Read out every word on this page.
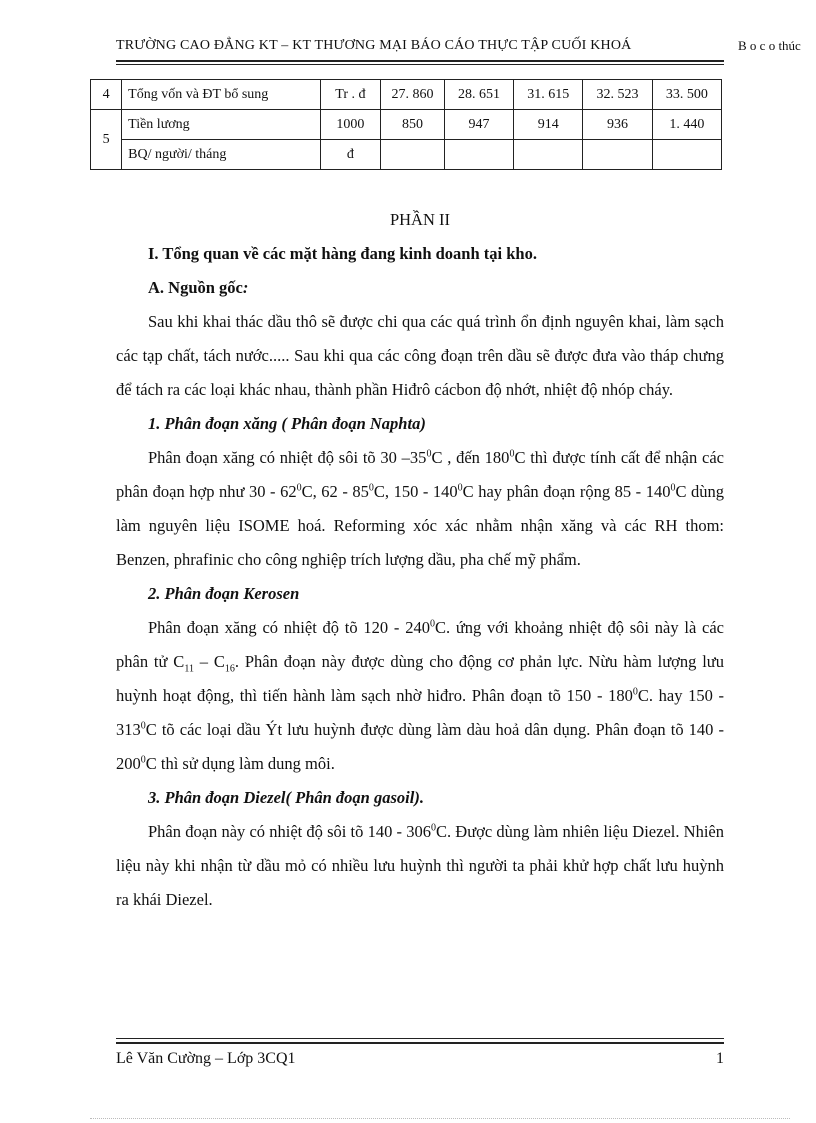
TRƯỜNG CAO ĐẲNG KT – KT THƯƠNG MẠI BÁO CÁO THỰC TẬP CUỐI KHOÁ	B o c o thúc
4	Tổng vốn và ĐT bổ sung	Tr . đ	27. 860	28. 651	31. 615	32. 523	33. 500
5	Tiền lương	1000	850	947	914	936	1. 440
	BQ/ người/ tháng	đ					
PHẦN II
I. Tổng quan về các mặt hàng đang kinh doanh tại kho.
A. Nguồn gốc:

Sau khi khai thác dầu thô sẽ được chi qua các quá trình ổn định nguyên khai, làm sạch các tạp chất, tách nước..... Sau khi qua các công đoạn trên dầu sẽ được đưa vào tháp chưng để tách ra các loại khác nhau, thành phần Hiđrô cácbon độ nhớt, nhiệt độ nhóp cháy.

1. Phân đoạn xăng ( Phân đoạn Naphta)

Phân đoạn xăng có nhiệt độ sôi tõ 30 $-35^0C$ , đến $180^0C$ thì được tính cất để nhận các phân đoạn hợp như $30 - 62^0C$, $62 - 85^0C$, $150 - 140^0C$ hay phân đoạn rộng $85 - 140^0C$ dùng làm nguyên liệu ISOME hoá. Reforming xóc xác nhằm nhận xăng và các RH thom: Benzen, phrafinic cho công nghiệp trích lượng dầu, pha chế mỹ phẩm.

2. Phân đoạn Kerosen

Phân đoạn xăng có nhiệt độ tõ $120 - 240^0C$. ứng với khoảng nhiệt độ sôi này là các phân tử $C_{11} - C_{16}$. Phân đoạn này được dùng cho động cơ phản lực. Nừu hàm lượng lưu huỳnh hoạt động, thì tiến hành làm sạch nhờ hiđro. Phân đoạn tõ $150 - 180^0C$. hay $150 - 313^0C$ tõ các loại dầu Ýt lưu huỳnh được dùng làm dàu hoả dân dụng. Phân đoạn tõ $140 - 200^0C$ thì sử dụng làm dung môi.

3. Phân đoạn Diezel( Phân đoạn gasoil).

Phân đoạn này có nhiệt độ sôi tõ $140 - 306^0C$. Được dùng làm nhiên liệu Diezel. Nhiên liệu này khi nhận từ dầu mỏ có nhiều lưu huỳnh thì người ta phải khử hợp chất lưu huỳnh ra khái Diezel.

Lê Văn Cường – Lớp 3CQ1	1
